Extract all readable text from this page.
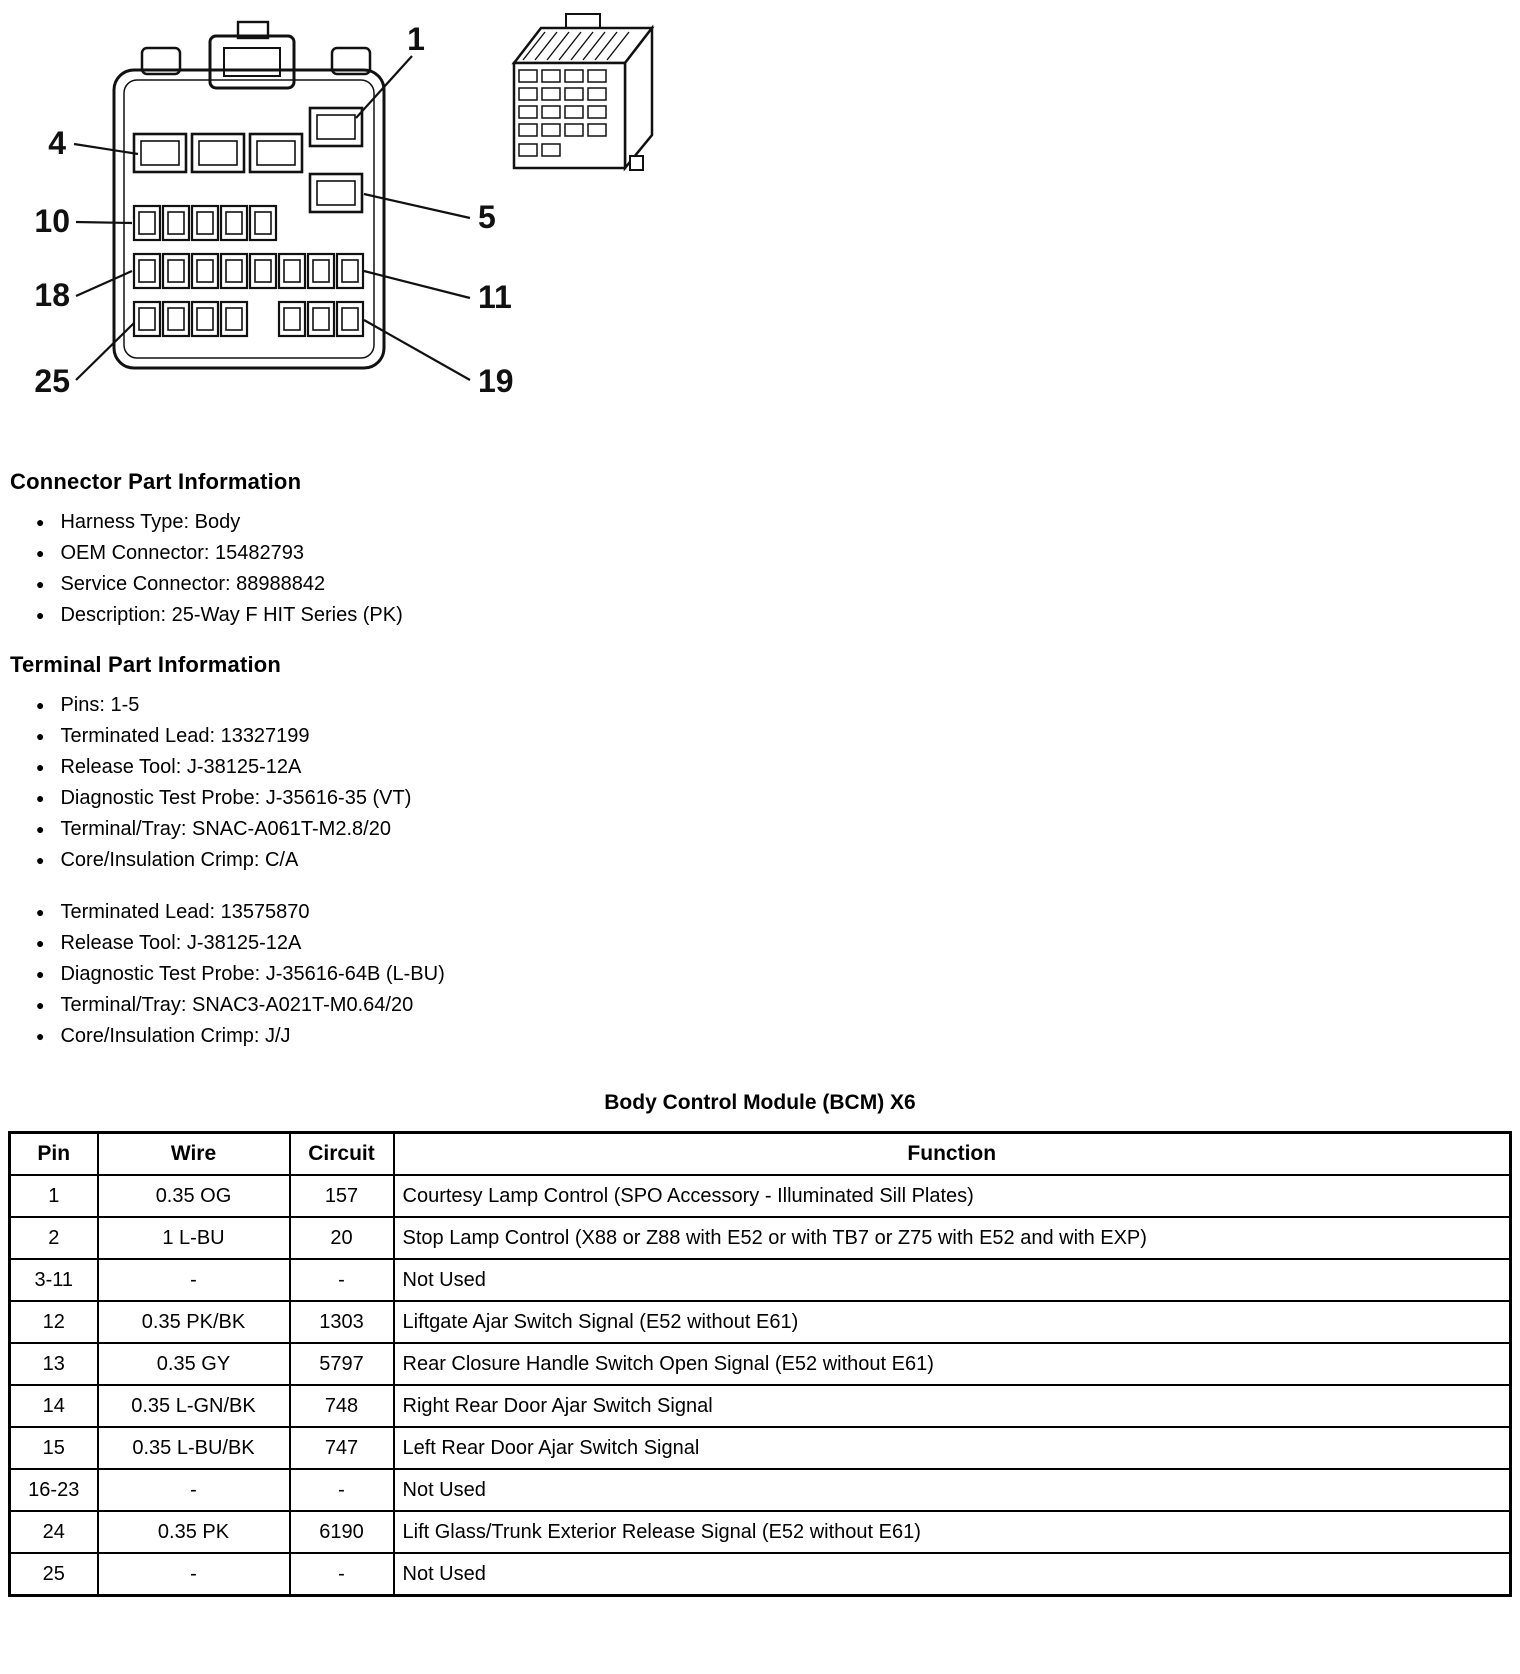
1
4
10
18
25
5
11
19
Connector Part Information
● Harness Type: Body
● OEM Connector: 15482793
● Service Connector: 88988842
● Description: 25-Way F HIT Series (PK)
Terminal Part Information
● Pins: 1-5
● Terminated Lead: 13327199
● Release Tool: J-38125-12A
● Diagnostic Test Probe: J-35616-35 (VT)
● Terminal/Tray: SNAC-A061T-M2.8/20
● Core/Insulation Crimp: C/A
● Terminated Lead: 13575870
● Release Tool: J-38125-12A
● Diagnostic Test Probe: J-35616-64B (L-BU)
● Terminal/Tray: SNAC3-A021T-M0.64/20
● Core/Insulation Crimp: J/J
Body Control Module (BCM) X6
Pin	Wire	Circuit	Function
1	0.35 OG	157	Courtesy Lamp Control (SPO Accessory - Illuminated Sill Plates)
2	1 L-BU	20	Stop Lamp Control (X88 or Z88 with E52 or with TB7 or Z75 with E52 and with EXP)
3-11	-	-	Not Used
12	0.35 PK/BK	1303	Liftgate Ajar Switch Signal (E52 without E61)
13	0.35 GY	5797	Rear Closure Handle Switch Open Signal (E52 without E61)
14	0.35 L-GN/BK	748	Right Rear Door Ajar Switch Signal
15	0.35 L-BU/BK	747	Left Rear Door Ajar Switch Signal
16-23	-	-	Not Used
24	0.35 PK	6190	Lift Glass/Trunk Exterior Release Signal (E52 without E61)
25	-	-	Not Used
